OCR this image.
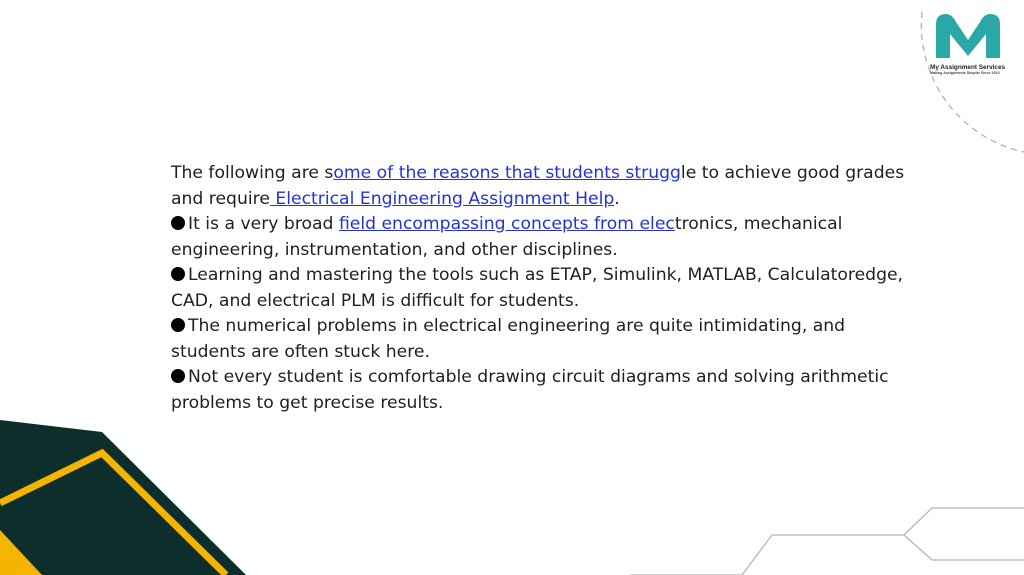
My Assignment Services
Making Assignments Simpler Since 2010

The following are some of the reasons that students struggle to achieve good grades and require Electrical Engineering Assignment Help.

It is a very broad field encompassing concepts from electronics, mechanical engineering, instrumentation, and other disciplines.

Learning and mastering the tools such as ETAP, Simulink, MATLAB, Calculatoredge, CAD, and electrical PLM is difficult for students.

The numerical problems in electrical engineering are quite intimidating, and students are often stuck here.

Not every student is comfortable drawing circuit diagrams and solving arithmetic problems to get precise results.
